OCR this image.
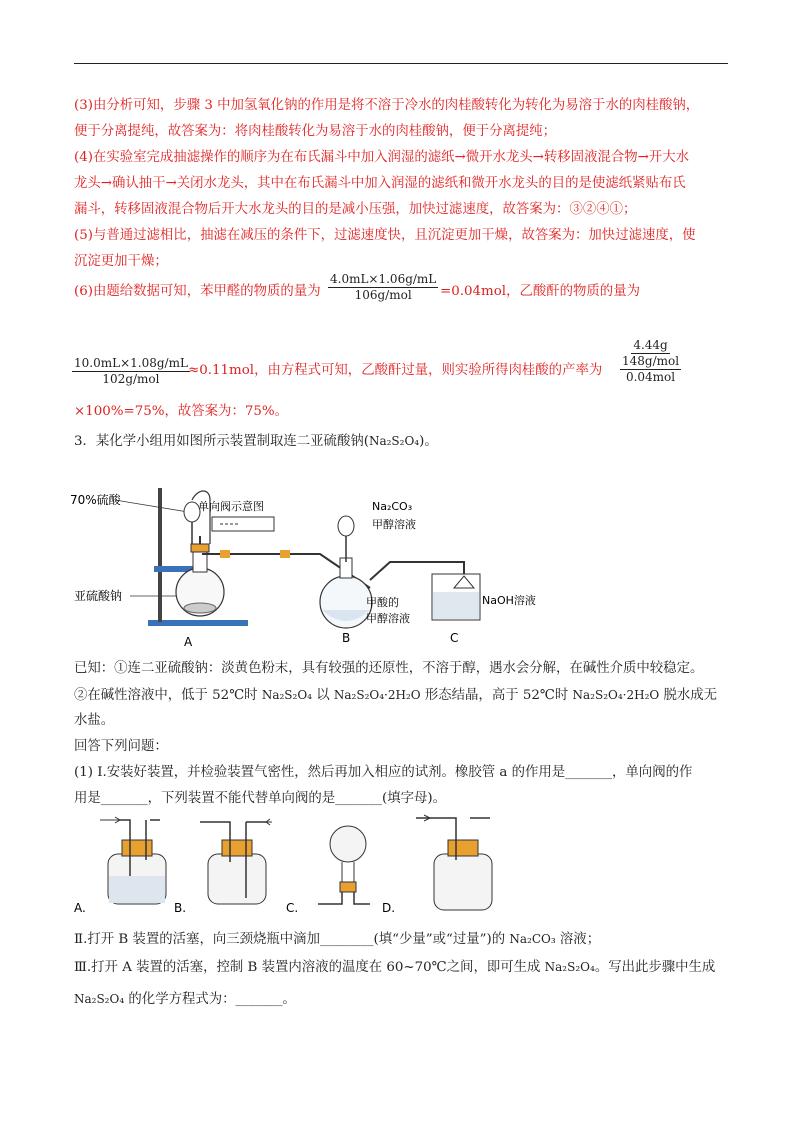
(3)由分析可知，步骤 3 中加氢氧化钠的作用是将不溶于冷水的肉桂酸转化为转化为易溶于水的肉桂酸钠，
便于分离提纯，故答案为：将肉桂酸转化为易溶于水的肉桂酸钠，便于分离提纯；
(4)在实验室完成抽滤操作的顺序为在布氏漏斗中加入润湿的滤纸→微开水龙头→转移固液混合物→开大水
龙头→确认抽干→关闭水龙头，其中在布氏漏斗中加入润湿的滤纸和微开水龙头的目的是使滤纸紧贴布氏
漏斗，转移固液混合物后开大水龙头的目的是减小压强，加快过滤速度，故答案为：③②④①；
(5)与普通过滤相比，抽滤在减压的条件下，过滤速度快，且沉淀更加干燥，故答案为：加快过滤速度，使
沉淀更加干燥；
(6)由题给数据可知，苯甲醛的物质的量为
4.0mL×1.06g/mL
106g/mol	=0.04mol，乙酸酐的物质的量为
10.0mL×1.08g/mL
102g/mol
≈0.11mol，由方程式可知，乙酸酐过量，则实验所得肉桂酸的产率为
4.44g
148g/mol
0.04mol
×100%=75%，故答案为：75%。
3．某化学小组用如图所示装置制取连二亚硫酸钠(Na₂S₂O₄)。
70%硫酸	单向阀示意图	Na₂CO₃
甲醇溶液
亚硫酸钠	甲酸的
甲醇溶液
NaOH溶液
A	B	C
已知：①连二亚硫酸钠：淡黄色粉末，具有较强的还原性，不溶于醇，遇水会分解，在碱性介质中较稳定。
②在碱性溶液中，低于 52℃时 Na₂S₂O₄ 以 Na₂S₂O₄·2H₂O 形态结晶，高于 52℃时 Na₂S₂O₄·2H₂O 脱水成无
水盐。
回答下列问题：
(1) Ⅰ.安装好装置，并检验装置气密性，然后再加入相应的试剂。橡胶管 a 的作用是_______，单向阀的作
用是_______，下列装置不能代替单向阀的是_______(填字母)。
A.	B.	C.	D.
Ⅱ.打开 B 装置的活塞，向三颈烧瓶中滴加________(填“少量”或“过量”)的 Na₂CO₃ 溶液；
Ⅲ.打开 A 装置的活塞，控制 B 装置内溶液的温度在 60~70℃之间，即可生成 Na₂S₂O₄。写出此步骤中生成
Na₂S₂O₄ 的化学方程式为：_______。
